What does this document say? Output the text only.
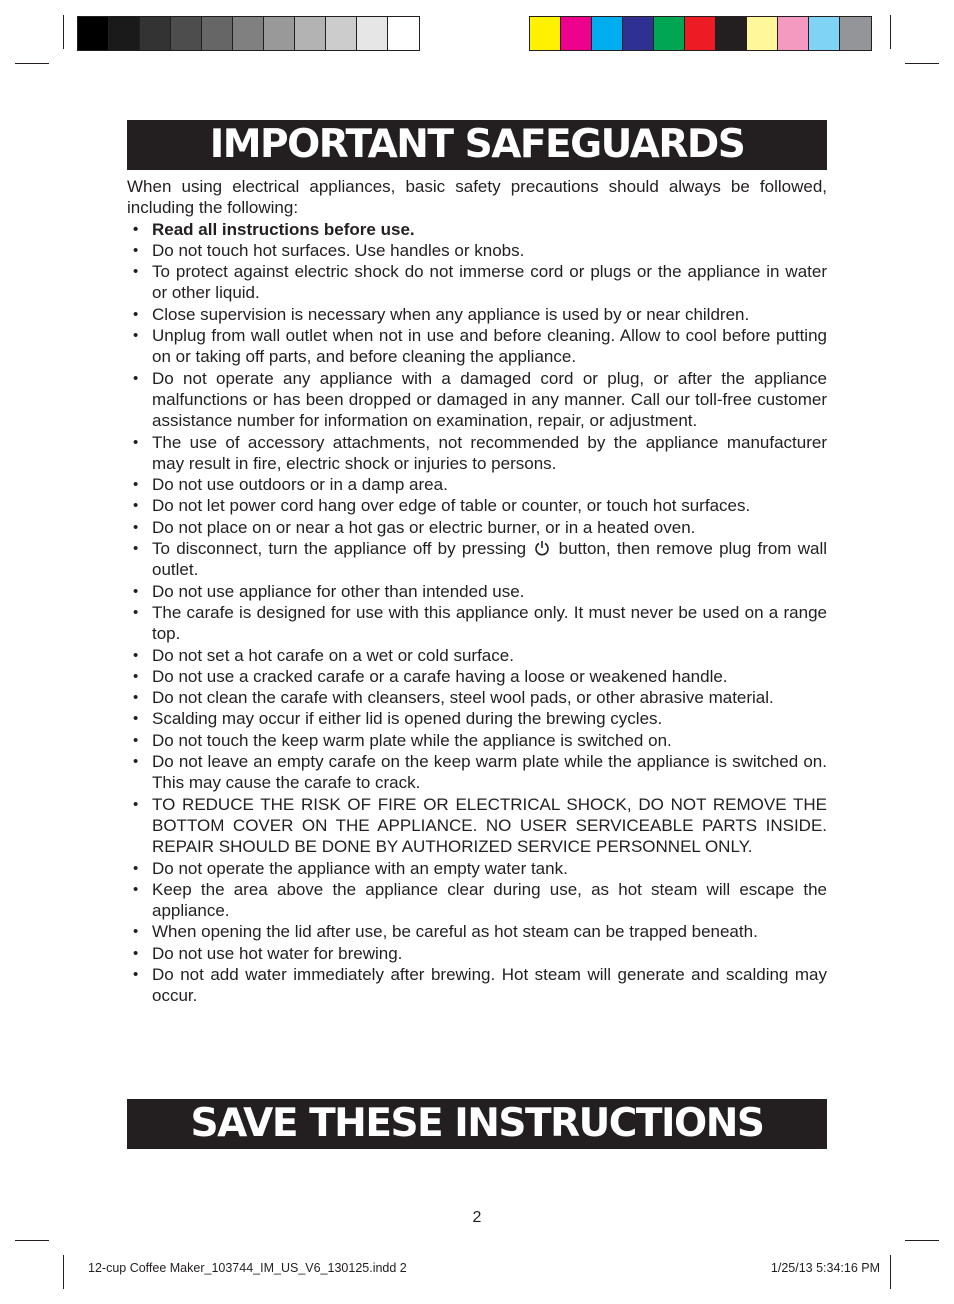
IMPORTANT SAFEGUARDS

When using electrical appliances, basic safety precautions should always be followed, including the following:

• Read all instructions before use.
• Do not touch hot surfaces. Use handles or knobs.
• To protect against electric shock do not immerse cord or plugs or the appliance in water or other liquid.
• Close supervision is necessary when any appliance is used by or near children.
• Unplug from wall outlet when not in use and before cleaning. Allow to cool before putting on or taking off parts, and before cleaning the appliance.
• Do not operate any appliance with a damaged cord or plug, or after the appliance malfunctions or has been dropped or damaged in any manner. Call our toll-free customer assistance number for information on examination, repair, or adjustment.
• The use of accessory attachments, not recommended by the appliance manufacturer may result in fire, electric shock or injuries to persons.
• Do not use outdoors or in a damp area.
• Do not let power cord hang over edge of table or counter, or touch hot surfaces.
• Do not place on or near a hot gas or electric burner, or in a heated oven.
• To disconnect, turn the appliance off by pressing button, then remove plug from wall outlet.
• Do not use appliance for other than intended use.
• The carafe is designed for use with this appliance only. It must never be used on a range top.
• Do not set a hot carafe on a wet or cold surface.
• Do not use a cracked carafe or a carafe having a loose or weakened handle.
• Do not clean the carafe with cleansers, steel wool pads, or other abrasive material.
• Scalding may occur if either lid is opened during the brewing cycles.
• Do not touch the keep warm plate while the appliance is switched on.
• Do not leave an empty carafe on the keep warm plate while the appliance is switched on. This may cause the carafe to crack.
• TO REDUCE THE RISK OF FIRE OR ELECTRICAL SHOCK, DO NOT REMOVE THE BOTTOM COVER ON THE APPLIANCE. NO USER SERVICEABLE PARTS INSIDE. REPAIR SHOULD BE DONE BY AUTHORIZED SERVICE PERSONNEL ONLY.
• Do not operate the appliance with an empty water tank.
• Keep the area above the appliance clear during use, as hot steam will escape the appliance.
• When opening the lid after use, be careful as hot steam can be trapped beneath.
• Do not use hot water for brewing.
• Do not add water immediately after brewing. Hot steam will generate and scalding may occur.
SAVE THESE INSTRUCTIONS
2
12-cup Coffee Maker_103744_IM_US_V6_130125.indd 2	1/25/13 5:34:16 PM
